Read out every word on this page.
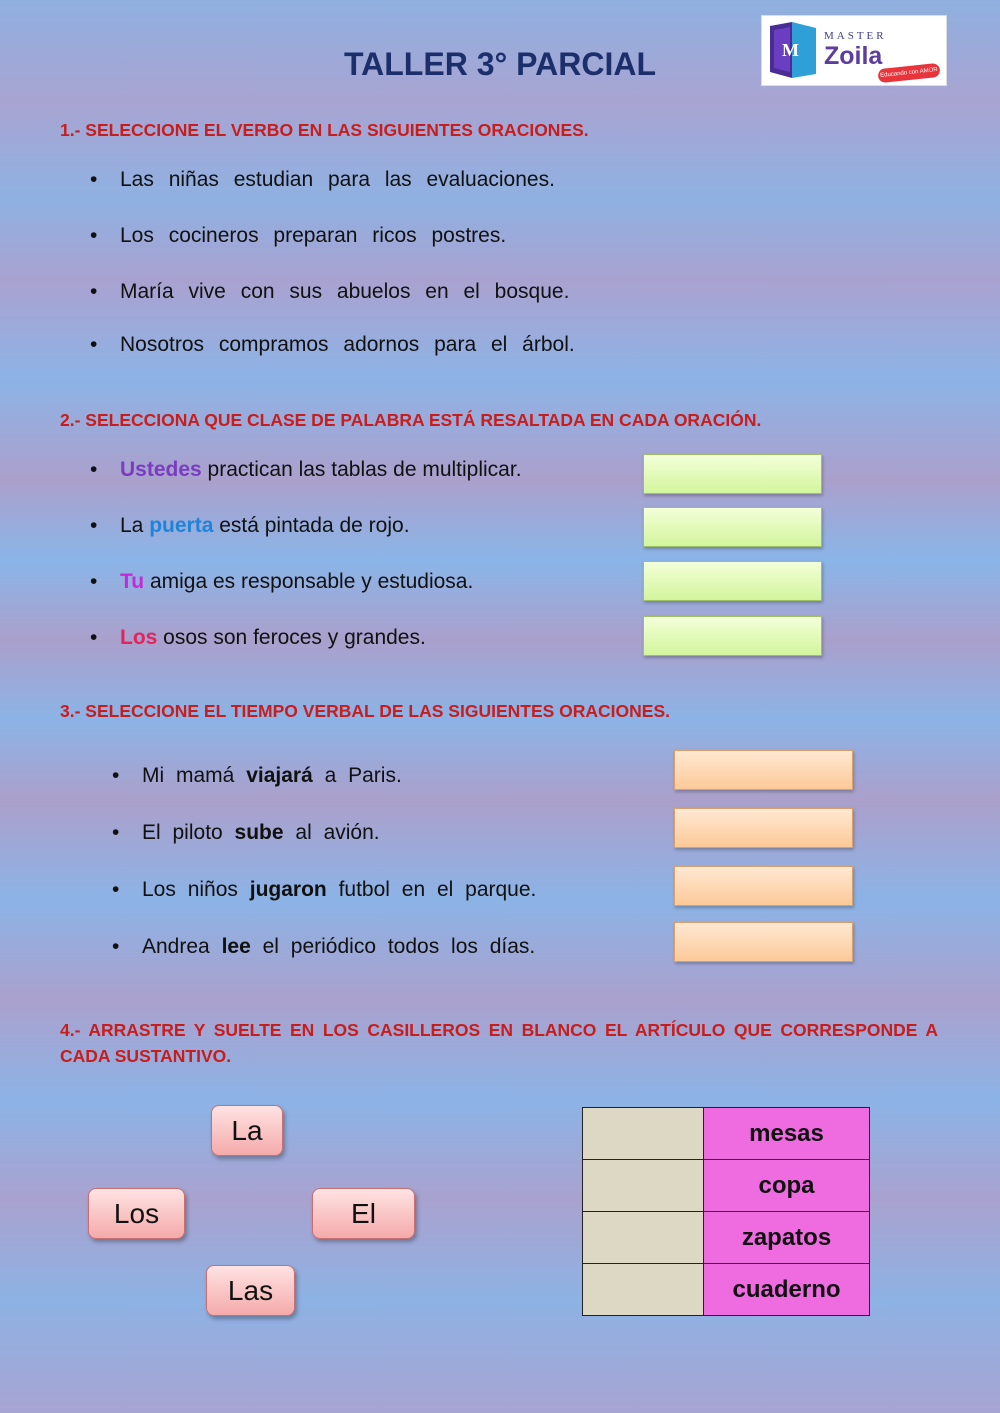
TALLER 3° PARCIAL	M
MASTER
Zoila
Educando con AMOR
1.- SELECCIONE EL VERBO EN LAS SIGUIENTES ORACIONES.
• Las niñas estudian para las evaluaciones.
• Los cocineros preparan ricos postres.
• María vive con sus abuelos en el bosque.
• Nosotros compramos adornos para el árbol.
2.- SELECCIONA QUE CLASE DE PALABRA ESTÁ RESALTADA EN CADA ORACIÓN.
• Ustedes practican las tablas de multiplicar.
• La puerta está pintada de rojo.
• Tu amiga es responsable y estudiosa.
• Los osos son feroces y grandes.
3.- SELECCIONE EL TIEMPO VERBAL DE LAS SIGUIENTES ORACIONES.
• Mi mamá viajará a Paris.
• El piloto sube al avión.
• Los niños jugaron futbol en el parque.
• Andrea lee el periódico todos los días.
4.- ARRASTRE Y SUELTE EN LOS CASILLEROS EN BLANCO EL ARTÍCULO QUE CORRESPONDE A CADA SUSTANTIVO.
La
Los	El
Las
	mesas
	copa
	zapatos
	cuaderno
